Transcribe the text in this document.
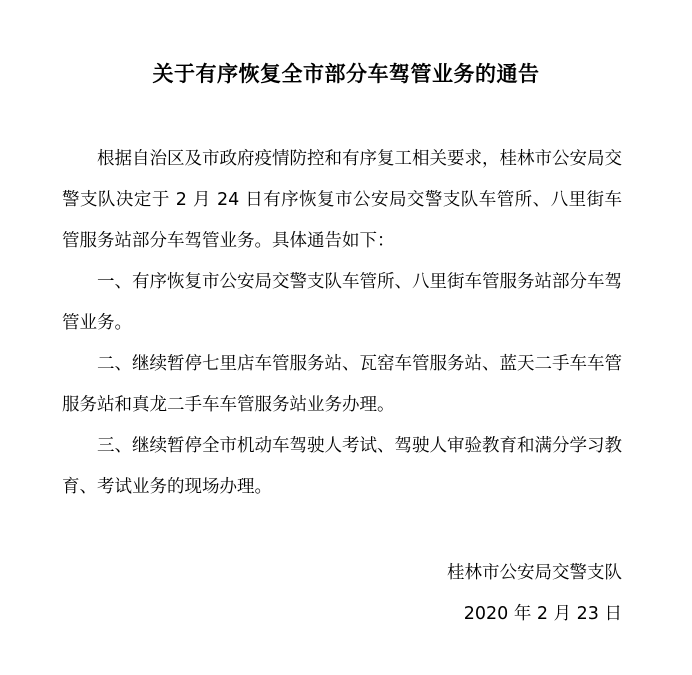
关于有序恢复全市部分车驾管业务的通告

根据自治区及市政府疫情防控和有序复工相关要求，桂林市公安局交警支队决定于 2 月 24 日有序恢复市公安局交警支队车管所、八里街车管服务站部分车驾管业务。具体通告如下：

一、有序恢复市公安局交警支队车管所、八里街车管服务站部分车驾管业务。

二、继续暂停七里店车管服务站、瓦窑车管服务站、蓝天二手车车管服务站和真龙二手车车管服务站业务办理。

三、继续暂停全市机动车驾驶人考试、驾驶人审验教育和满分学习教育、考试业务的现场办理。

桂林市公安局交警支队
2020 年 2 月 23 日
